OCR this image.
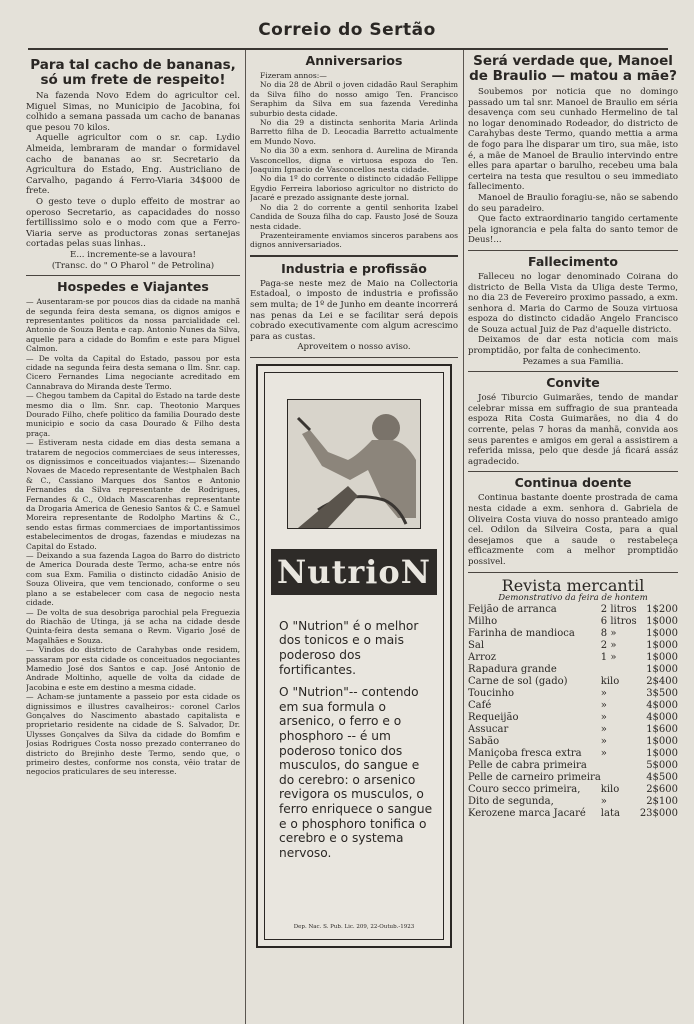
Correio do Sertão
Para tal cacho de bananas, só um frete de respeito!

Na fazenda Novo Edem do agricultor cel. Miguel Simas, no Municipio de Jacobina, foi colhido a semana passada um cacho de bananas que pesou 70 kilos.

Aquelle agricultor com o sr. cap. Lydio Almeida, lembraram de mandar o formidavel cacho de bananas ao sr. Secretario da Agricultura do Estado, Eng. Austricliano de Carvalho, pagando á Ferro-Viaria 34$000 de frete.

O gesto teve o duplo effeito de mostrar ao operoso Secretario, as capacidades do nosso fertillissimo solo e o modo com que a Ferro-Viaria serve as productoras zonas sertanejas cortadas pelas suas linhas..

E... incremente-se a lavoura!

(Transc. do " O Pharol " de Petrolina)

Hospedes e Viajantes

— Ausentaram-se por poucos dias da cidade na manhã de segunda feira desta semana, os dignos amigos e representantes politicos da nossa parcialidade cel. Antonio de Souza Benta e cap. Antonio Nunes da Silva, aquelle para a cidade do Bomfim e este para Miguel Calmon.

— De volta da Capital do Estado, passou por esta cidade na segunda feira desta semana o Ilm. Snr. cap. Cicero Fernandes Lima negociante acreditado em Cannabrava do Miranda deste Termo.

— Chegou tambem da Capital do Estado na tarde deste mesmo dia o Ilm. Snr. cap. Theotonio Marques Dourado Filho, chefe politico da familia Dourado deste municipio e socio da casa Dourado & Filho desta praça.

— Estiveram nesta cidade em dias desta semana a tratarem de negocios commerciaes de seus interesses, os dignissimos e conceituados viajantes:— Sizenando Novaes de Macedo representante de Westphalen Bach & C., Cassiano Marques dos Santos e Antonio Fernandes da Silva representante de Rodrigues, Fernandes & C., Oldach Mascarenhas representante da Drogaria America de Genesio Santos & C. e Samuel Moreira representante de Rodolpho Martins & C., sendo estas firmas commerciaes de importantissimos estabelecimentos de drogas, fazendas e miudezas na Capital do Estado.

— Deixando a sua fazenda Lagoa do Barro do districto de America Dourada deste Termo, acha-se entre nós com sua Exm. Familia o distincto cidadão Anisio de Souza Oliveira, que vem tencionado, conforme o seu plano a se estabelecer com casa de negocio nesta cidade.

— De volta de sua desobriga parochial pela Freguezia do Riachão de Utinga, já se acha na cidade desde Quinta-feira desta semana o Revm. Vigario José de Magalhães e Souza.

— Vindos do districto de Carahybas onde residem, passaram por esta cidade os conceituados negociantes Mamedio José dos Santos e cap. José Antonio de Andrade Moltinho, aquelle de volta da cidade de Jacobina e este em destino a mesma cidade.

— Acham-se juntamente a passeio por esta cidade os dignissimos e illustres cavalheiros:- coronel Carlos Gonçalves do Nascimento abastado capitalista e proprietario residente na cidade de S. Salvador, Dr. Ulysses Gonçalves da Silva da cidade do Bomfim e Josias Rodrigues Costa nosso prezado conterraneo do districto do Brejinho deste Termo, sendo que, o primeiro destes, conforme nos consta, vêio tratar de negocios praticulares de seu interesse.

Anniversarios

Fizeram annos:—

No dia 28 de Abril o joven cidadão Raul Seraphim da Silva filho do nosso amigo Ten. Francisco Seraphim da Silva em sua fazenda Veredinha suburbio desta cidade.

No dia 29 a distincta senhorita Maria Arlinda Barretto filha de D. Leocadia Barretto actualmente em Mundo Novo.

No dia 30 a exm. senhora d. Aurelina de Miranda Vasconcellos, digna e virtuosa espoza do Ten. Joaquim Ignacio de Vasconcellos nesta cidade.

No dia 1º do corrente o distincto cidadão Fellippe Egydio Ferreira laborioso agricultor no districto do Jacaré e prezado assignante deste jornal.

No dia 2 do corrente a gentil senhorita Izabel Candida de Souza filha do cap. Fausto José de Souza nesta cidade.

Prazenteiramente enviamos sinceros parabens aos dignos anniversariados.

Industria e profissão

Paga-se neste mez de Maio na Collectoria Estadoal, o imposto de industria e profissão sem multa; de 1º de Junho em deante incorrerá nas penas da Lei e se facilitar será depois cobrado executivamente com algum acrescimo para as custas.

Aproveitem o nosso aviso.

NutrioN

O "Nutrion" é o melhor dos tonicos e o mais poderoso dos fortificantes.

O "Nutrion"-- contendo em sua formula o arsenico, o ferro e o phosphoro -- é um poderoso tonico dos musculos, do sangue e do cerebro: o arsenico revigora os musculos, o ferro enriquece o sangue e o phosphoro tonifica o cerebro e o systema nervoso.

Dep. Nac. S. Pub. Lic. 209, 22-Outub.-1923
Será verdade que, Manoel de Braulio — matou a mãe?

Soubemos por noticia que no domingo passado um tal snr. Manoel de Braulio em séria desavença com seu cunhado Hermelino de tal no logar denominado Rodeador, do districto de Carahybas deste Termo, quando mettia a arma de fogo para lhe disparar um tiro, sua mãe, isto é, a mãe de Manoel de Braulio intervindo entre elles para apartar o barulho, recebeu uma bala certeira na testa que resultou o seu immediato fallecimento.

Manoel de Braulio foragiu-se, não se sabendo do seu paradeiro.

Que facto extraordinario tangido certamente pela ignorancia e pela falta do santo temor de Deus!...

Fallecimento

Falleceu no logar denominado Coirana do districto de Bella Vista da Uliga deste Termo, no dia 23 de Fevereiro proximo passado, a exm. senhora d. Maria do Carmo de Souza virtuosa espoza do distincto cidadão Angelo Francisco de Souza actual Juiz de Paz d'aquelle districto.

Deixamos de dar esta noticia com mais promptidão, por falta de conhecimento.

Pezames a sua Familia.

Convite

José Tiburcio Guimarães, tendo de mandar celebrar missa em suffragio de sua pranteada espoza Rita Costa Guimarães, no dia 4 do corrente, pelas 7 horas da manhã, convida aos seus parentes e amigos em geral a assistirem a referida missa, pelo que desde já ficará assáz agradecido.

Continua doente

Continua bastante doente prostrada de cama nesta cidade a exm. senhora d. Gabriela de Oliveira Costa viuva do nosso pranteado amigo cel. Odilon da Silveira Costa, para a qual desejamos que a saude o restabeleça efficazmente com a melhor promptidão possivel.

Revista mercantil

Demonstrativo da feira de hontem

Feijão de arranca	2 litros	1$200
Milho	6 litros	1$000
Farinha de mandioca	8 »	1$000
Sal	2 »	1$000
Arroz	1 »	1$000
Rapadura grande		1$000
Carne de sol (gado)	kilo	2$400
Toucinho	»	3$500
Café	»	4$000
Requeijão	»	4$000
Assucar	»	1$600
Sabão	»	1$000
Maniçoba fresca extra	»	1$000
Pelle de cabra primeira		5$000
Pelle de carneiro primeira		4$500
Couro secco primeira,	kilo	2$600
Dito de segunda,	»	2$100
Kerozene marca Jacaré	lata	23$000
